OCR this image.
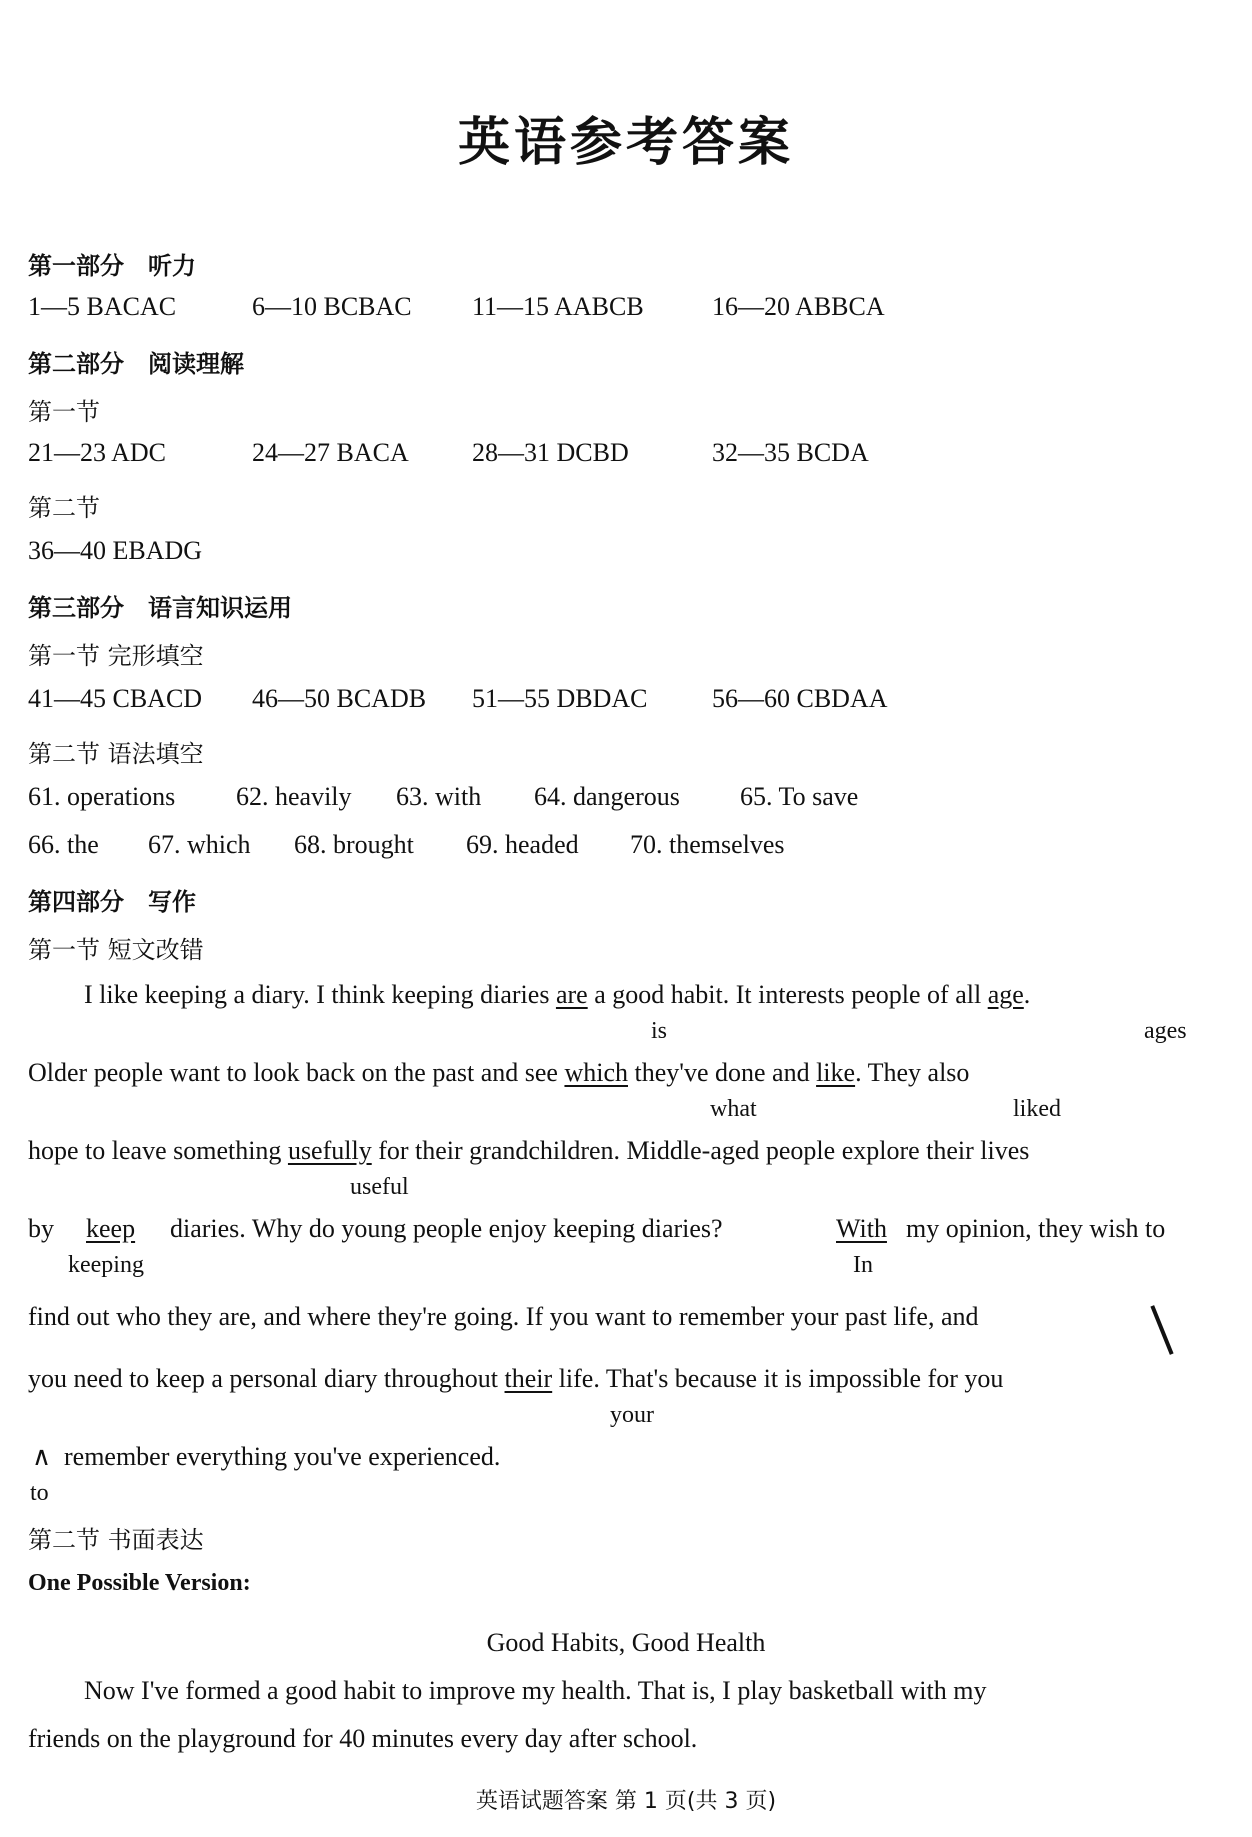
英语参考答案
第一部分　听力
1—5 BACAC	6—10 BCBAC 11—15 AABCB	16—20 ABBCA
第二部分　阅读理解
第一节
21—23 ADC	24—27 BACA 28—31 DCBD	32—35 BCDA
第二节
36—40 EBADG
第三部分　语言知识运用
第一节 完形填空
41—45 CBACD 46—50 BCADB 51—55 DBDAC 56—60 CBDAA
第二节 语法填空
61. operations 62. heavily 63. with 64. dangerous 65. To save
66. the 67. which 68. brought 69. headed 70. themselves
第四部分　写作
第一节 短文改错
I like keeping a diary. I think keeping diaries are a good habit. It interests people of all age.
is	ages
Older people want to look back on the past and see which they've done and like. They also
what	liked
hope to leave something usefully for their grandchildren. Middle-aged people explore their lives
useful
by keep diaries. Why do young people enjoy keeping diaries?	With my opinion, they wish to
keeping	In
find out who they are, and where they're going. If you want to remember your past life, and
you need to keep a personal diary throughout their life. That's because it is impossible for you
your
∧ remember everything you've experienced.
to
第二节 书面表达
One Possible Version:
Good Habits, Good Health
Now I've formed a good habit to improve my health. That is, I play basketball with my
friends on the playground for 40 minutes every day after school.
英语试题答案 第 1 页(共 3 页)
